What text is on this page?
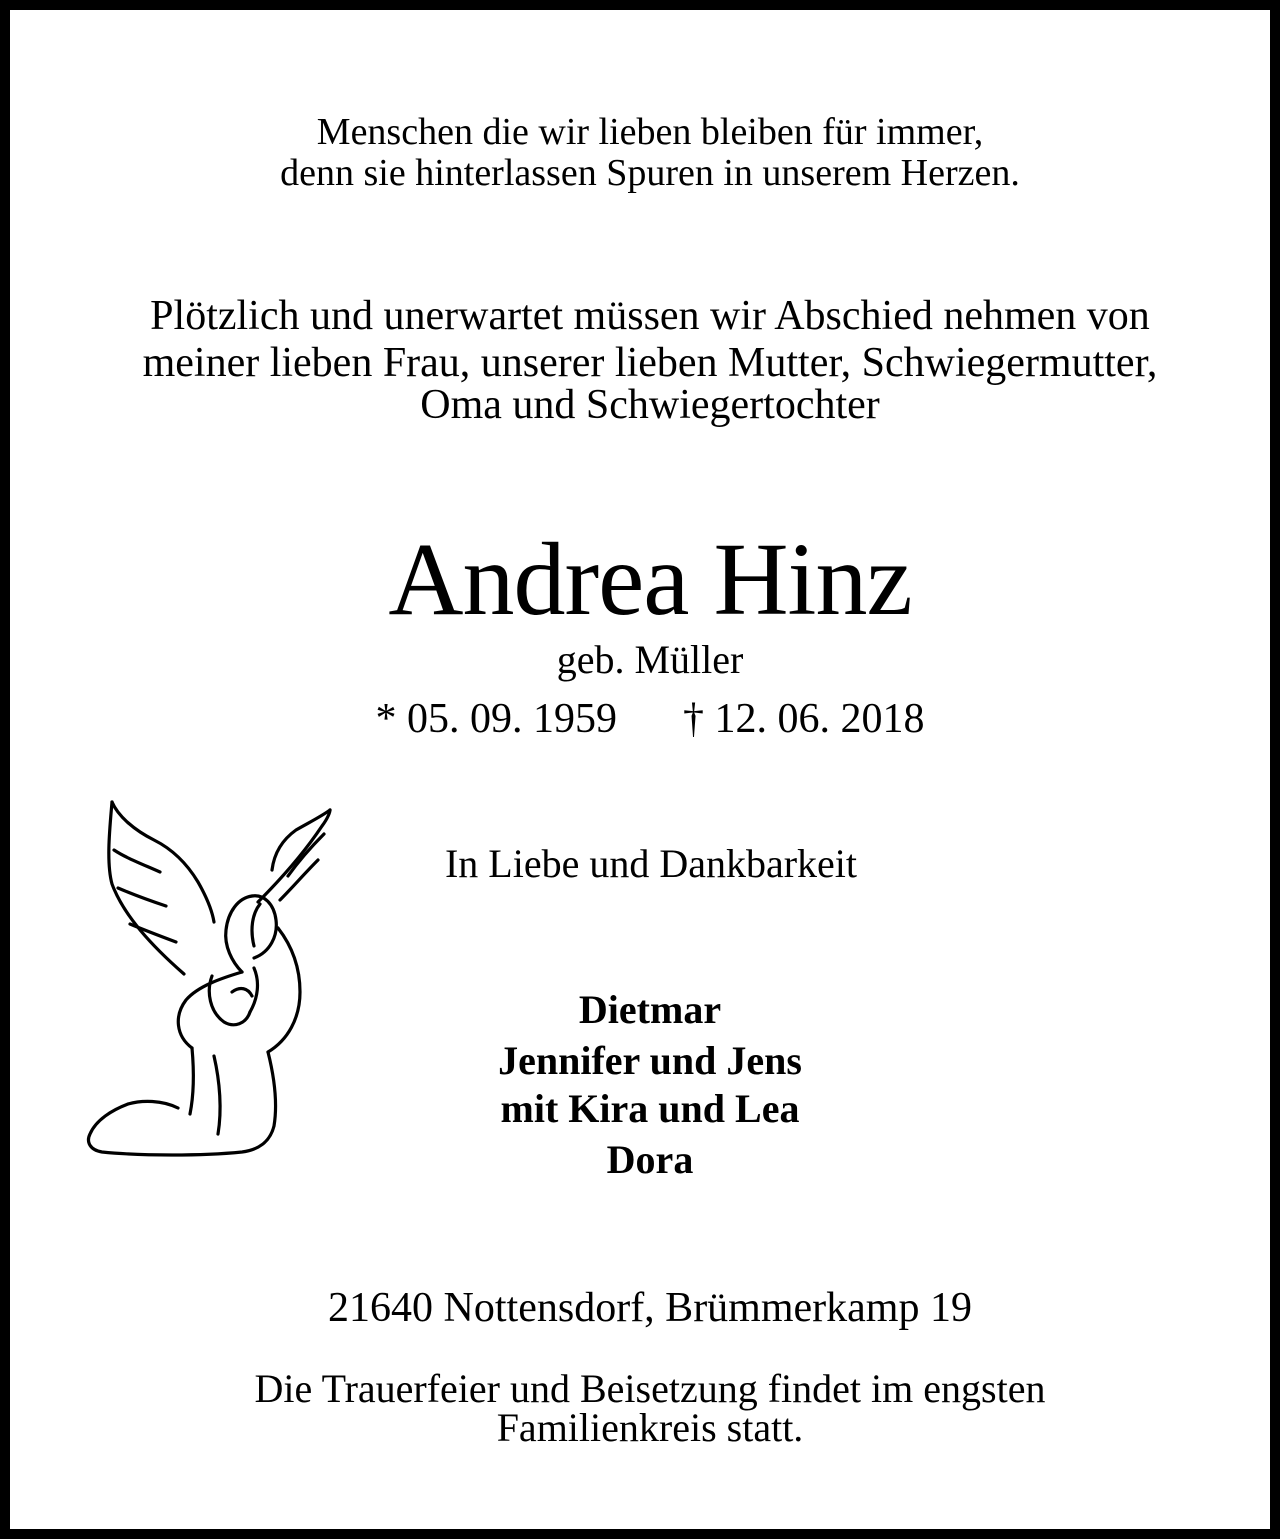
Menschen die wir lieben bleiben für immer,
denn sie hinterlassen Spuren in unserem Herzen.
Plötzlich und unerwartet müssen wir Abschied nehmen von
meiner lieben Frau, unserer lieben Mutter, Schwiegermutter,
Oma und Schwiegertochter
Andrea Hinz
geb. Müller
* 05. 09. 1959 † 12. 06. 2018
In Liebe und Dankbarkeit
Dietmar
Jennifer und Jens
mit Kira und Lea
Dora
21640 Nottensdorf, Brümmerkamp 19
Die Trauerfeier und Beisetzung findet im engsten
Familienkreis statt.
